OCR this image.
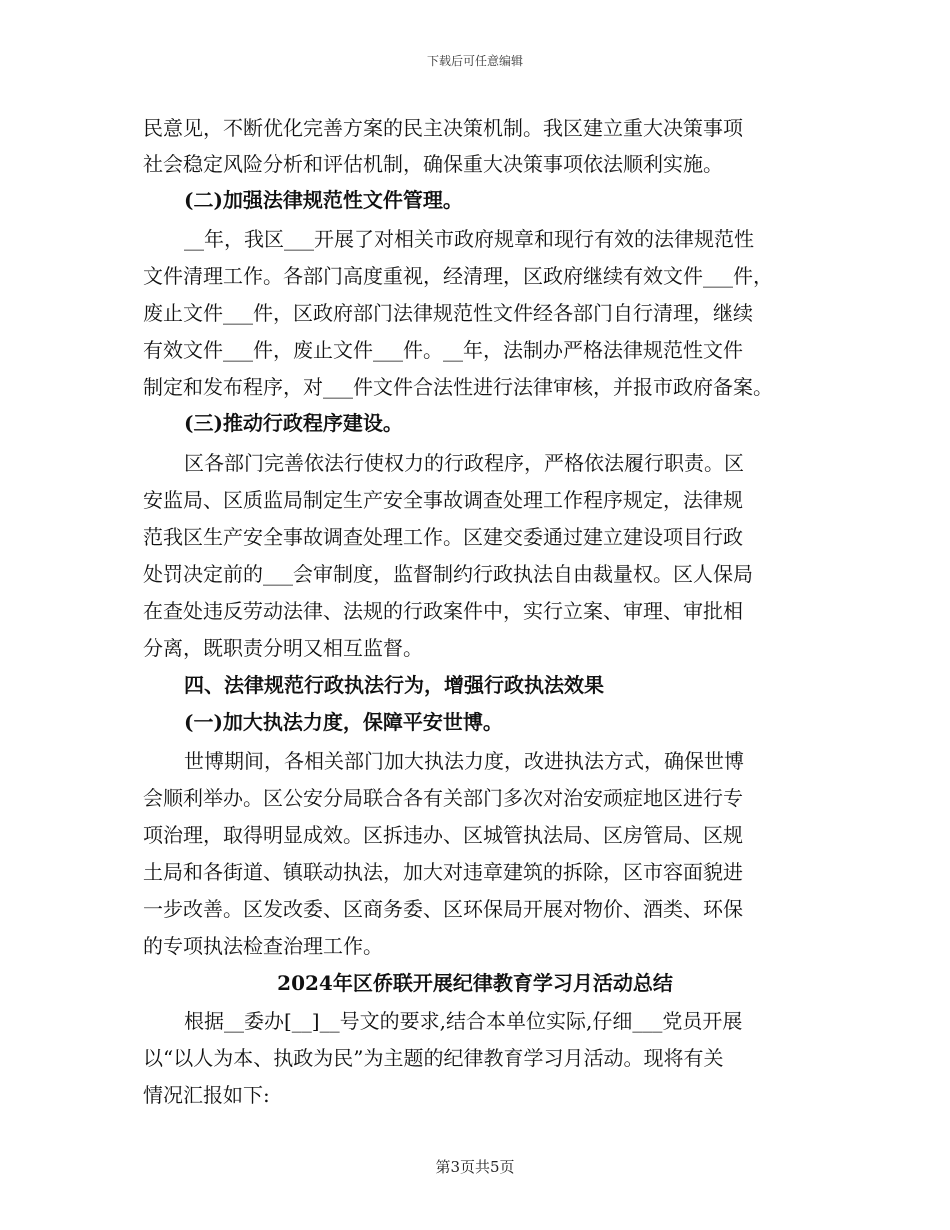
下载后可任意编辑
民意见，不断优化完善方案的民主决策机制。我区建立重大决策事项
社会稳定风险分析和评估机制，确保重大决策事项依法顺利实施。
(二)加强法律规范性文件管理。
__年，我区___开展了对相关市政府规章和现行有效的法律规范性
文件清理工作。各部门高度重视，经清理，区政府继续有效文件___件，
废止文件___件，区政府部门法律规范性文件经各部门自行清理，继续
有效文件___件，废止文件___件。__年，法制办严格法律规范性文件
制定和发布程序，对___件文件合法性进行法律审核，并报市政府备案。
(三)推动行政程序建设。
区各部门完善依法行使权力的行政程序，严格依法履行职责。区
安监局、区质监局制定生产安全事故调查处理工作程序规定，法律规
范我区生产安全事故调查处理工作。区建交委通过建立建设项目行政
处罚决定前的___会审制度，监督制约行政执法自由裁量权。区人保局
在查处违反劳动法律、法规的行政案件中，实行立案、审理、审批相
分离，既职责分明又相互监督。
四、法律规范行政执法行为，增强行政执法效果
(一)加大执法力度，保障平安世博。
世博期间，各相关部门加大执法力度，改进执法方式，确保世博
会顺利举办。区公安分局联合各有关部门多次对治安顽症地区进行专
项治理，取得明显成效。区拆违办、区城管执法局、区房管局、区规
土局和各街道、镇联动执法，加大对违章建筑的拆除，区市容面貌进
一步改善。区发改委、区商务委、区环保局开展对物价、酒类、环保
的专项执法检查治理工作。
2024年区侨联开展纪律教育学习月活动总结
根据__委办[__]__号文的要求,结合本单位实际,仔细___党员开展
以“以人为本、执政为民”为主题的纪律教育学习月活动。现将有关
情况汇报如下:
第3页共5页
